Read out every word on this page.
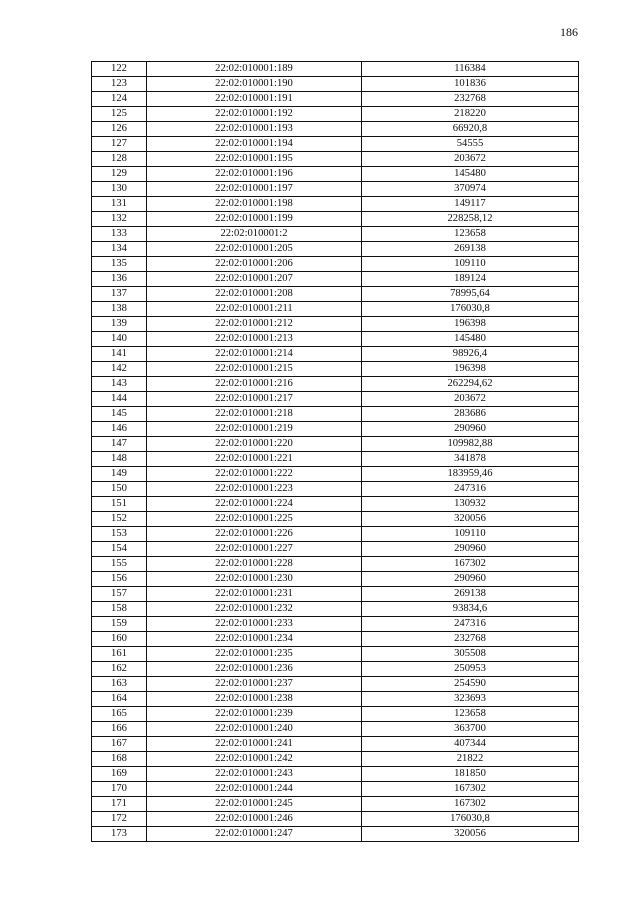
186
122	22:02:010001:189	116384
123	22:02:010001:190	101836
124	22:02:010001:191	232768
125	22:02:010001:192	218220
126	22:02:010001:193	66920,8
127	22:02:010001:194	54555
128	22:02:010001:195	203672
129	22:02:010001:196	145480
130	22:02:010001:197	370974
131	22:02:010001:198	149117
132	22:02:010001:199	228258,12
133	22:02:010001:2	123658
134	22:02:010001:205	269138
135	22:02:010001:206	109110
136	22:02:010001:207	189124
137	22:02:010001:208	78995,64
138	22:02:010001:211	176030,8
139	22:02:010001:212	196398
140	22:02:010001:213	145480
141	22:02:010001:214	98926,4
142	22:02:010001:215	196398
143	22:02:010001:216	262294,62
144	22:02:010001:217	203672
145	22:02:010001:218	283686
146	22:02:010001:219	290960
147	22:02:010001:220	109982,88
148	22:02:010001:221	341878
149	22:02:010001:222	183959,46
150	22:02:010001:223	247316
151	22:02:010001:224	130932
152	22:02:010001:225	320056
153	22:02:010001:226	109110
154	22:02:010001:227	290960
155	22:02:010001:228	167302
156	22:02:010001:230	290960
157	22:02:010001:231	269138
158	22:02:010001:232	93834,6
159	22:02:010001:233	247316
160	22:02:010001:234	232768
161	22:02:010001:235	305508
162	22:02:010001:236	250953
163	22:02:010001:237	254590
164	22:02:010001:238	323693
165	22:02:010001:239	123658
166	22:02:010001:240	363700
167	22:02:010001:241	407344
168	22:02:010001:242	21822
169	22:02:010001:243	181850
170	22:02:010001:244	167302
171	22:02:010001:245	167302
172	22:02:010001:246	176030,8
173	22:02:010001:247	320056
